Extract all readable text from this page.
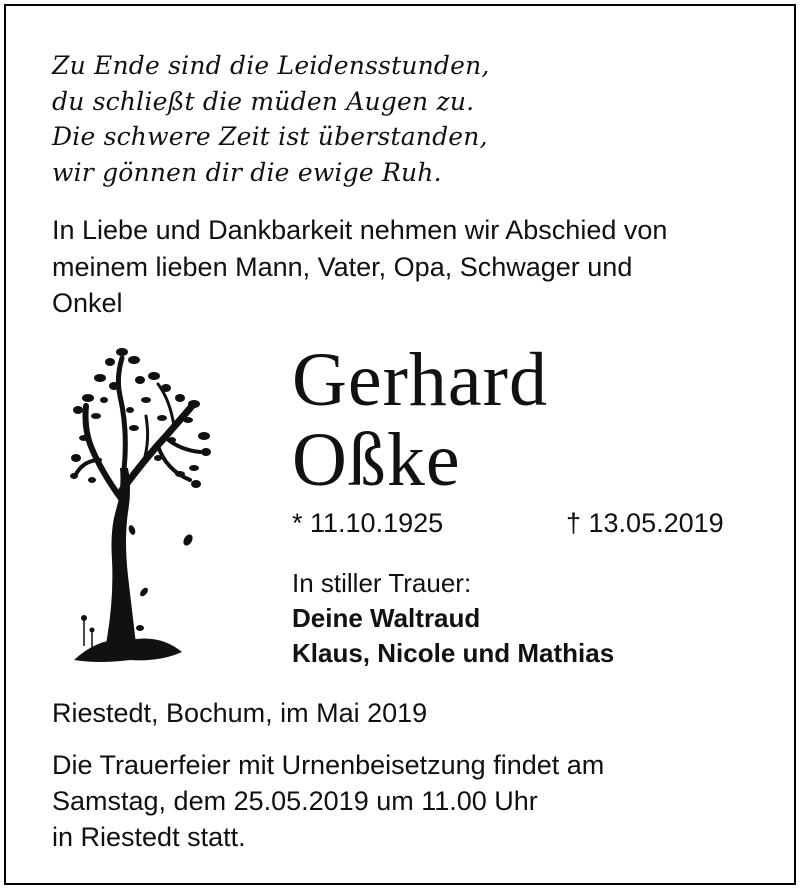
Zu Ende sind die Leidensstunden,
du schließt die müden Augen zu.
Die schwere Zeit ist überstanden,
wir gönnen dir die ewige Ruh.
In Liebe und Dankbarkeit nehmen wir Abschied von
meinem lieben Mann, Vater, Opa, Schwager und
Onkel
Gerhard
Oßke
* 11.10.1925	† 13.05.2019
In stiller Trauer:
Deine Waltraud
Klaus, Nicole und Mathias
Riestedt, Bochum, im Mai 2019
Die Trauerfeier mit Urnenbeisetzung findet am
Samstag, dem 25.05.2019 um 11.00 Uhr
in Riestedt statt.
